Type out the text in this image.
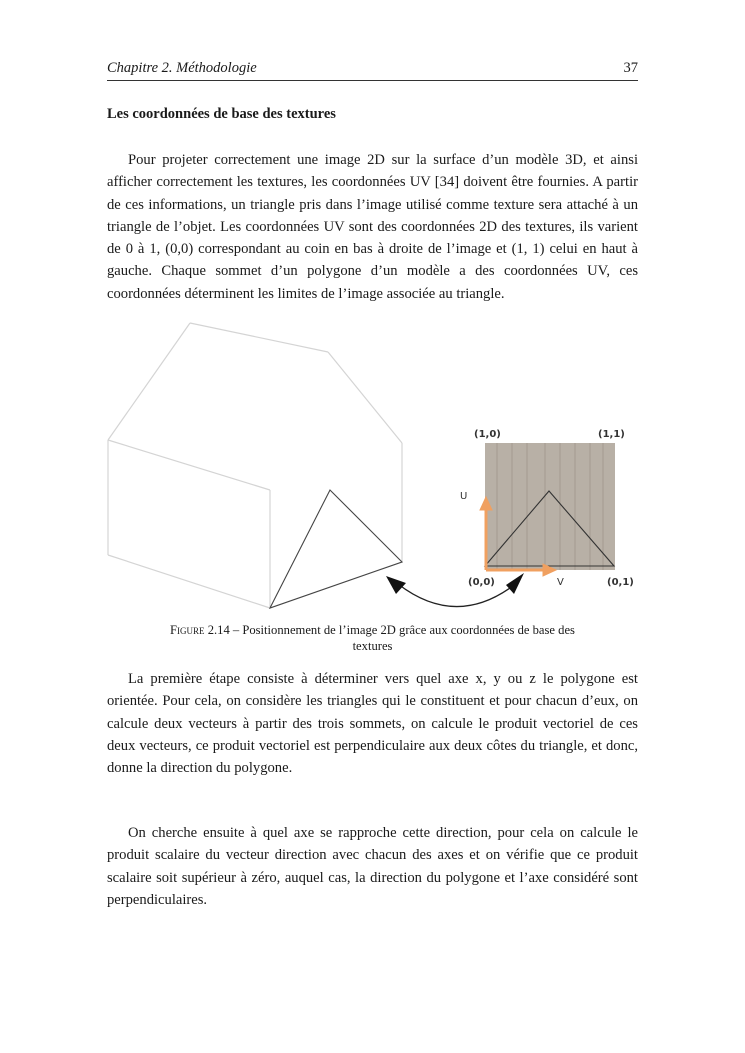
Chapitre 2. Méthodologie	37
Les coordonnées de base des textures

Pour projeter correctement une image 2D sur la surface d’un modèle 3D, et ainsi afficher correctement les textures, les coordonnées UV [34] doivent être fournies. A partir de ces informations, un triangle pris dans l’image utilisé comme texture sera attaché à un triangle de l’objet. Les coordonnées UV sont des coordonnées 2D des textures, ils varient de 0 à 1, (0,0) correspondant au coin en bas à droite de l’image et (1, 1) celui en haut à gauche. Chaque sommet d’un polygone d’un modèle a des coordonnées UV, ces coordonnées déterminent les limites de l’image associée au triangle.

(1,0)	(1,1)
(0,0)	(0,1)
U
V
Figure 2.14 – Positionnement de l’image 2D grâce aux coordonnées de base des textures

La première étape consiste à déterminer vers quel axe x, y ou z le polygone est orientée. Pour cela, on considère les triangles qui le constituent et pour chacun d’eux, on calcule deux vecteurs à partir des trois sommets, on calcule le produit vectoriel de ces deux vecteurs, ce produit vectoriel est perpendiculaire aux deux côtes du triangle, et donc, donne la direction du polygone.

On cherche ensuite à quel axe se rapproche cette direction, pour cela on calcule le produit scalaire du vecteur direction avec chacun des axes et on vérifie que ce produit scalaire soit supérieur à zéro, auquel cas, la direction du polygone et l’axe considéré sont perpendiculaires.
